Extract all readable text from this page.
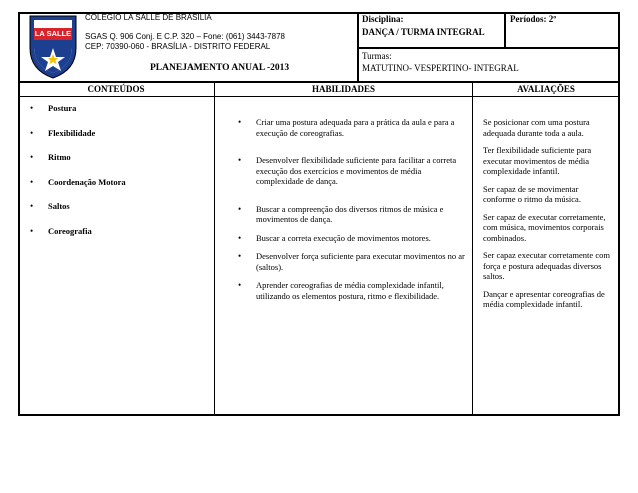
LA SALLE
COLÉGIO LA SALLE DE BRASÍLIA
SGAS Q. 906 Conj. E C.P. 320 – Fone: (061) 3443-7878
CEP: 70390-060 - BRASÍLIA - DISTRITO FEDERAL
PLANEJAMENTO ANUAL -2013
Disciplina:
DANÇA / TURMA INTEGRAL
Períodos: 2º
Turmas:
MATUTINO- VESPERTINO- INTEGRAL
CONTEÚDOS	HABILIDADES	AVALIAÇÕES
• Postura
• Flexibilidade
• Ritmo
• Coordenação Motora
• Saltos
• Coreografia
• Criar uma postura adequada para a prática da aula e para a execução de coreografias.
• Desenvolver flexibilidade suficiente para facilitar a correta execução dos exercícios e movimentos de média complexidade de dança.
• Buscar a compreenção dos diversos ritmos de música e movimentos de dança.
• Buscar a correta execução de movimentos motores.
• Desenvolver força suficiente para executar movimentos no ar (saltos).
• Aprender coreografias de média complexidade infantil, utilizando os elementos postura, ritmo e flexibilidade.

Se posicionar com uma postura adequada durante toda a aula.

Ter flexibilidade suficiente para executar movimentos de média complexidade infantil.

Ser capaz de se movimentar conforme o ritmo da música.

Ser capaz de executar corretamente, com música, movimentos corporais combinados.

Ser capaz executar corretamente com força e postura adequadas diversos saltos.

Dançar e apresentar coreografias de média complexidade infantil.
